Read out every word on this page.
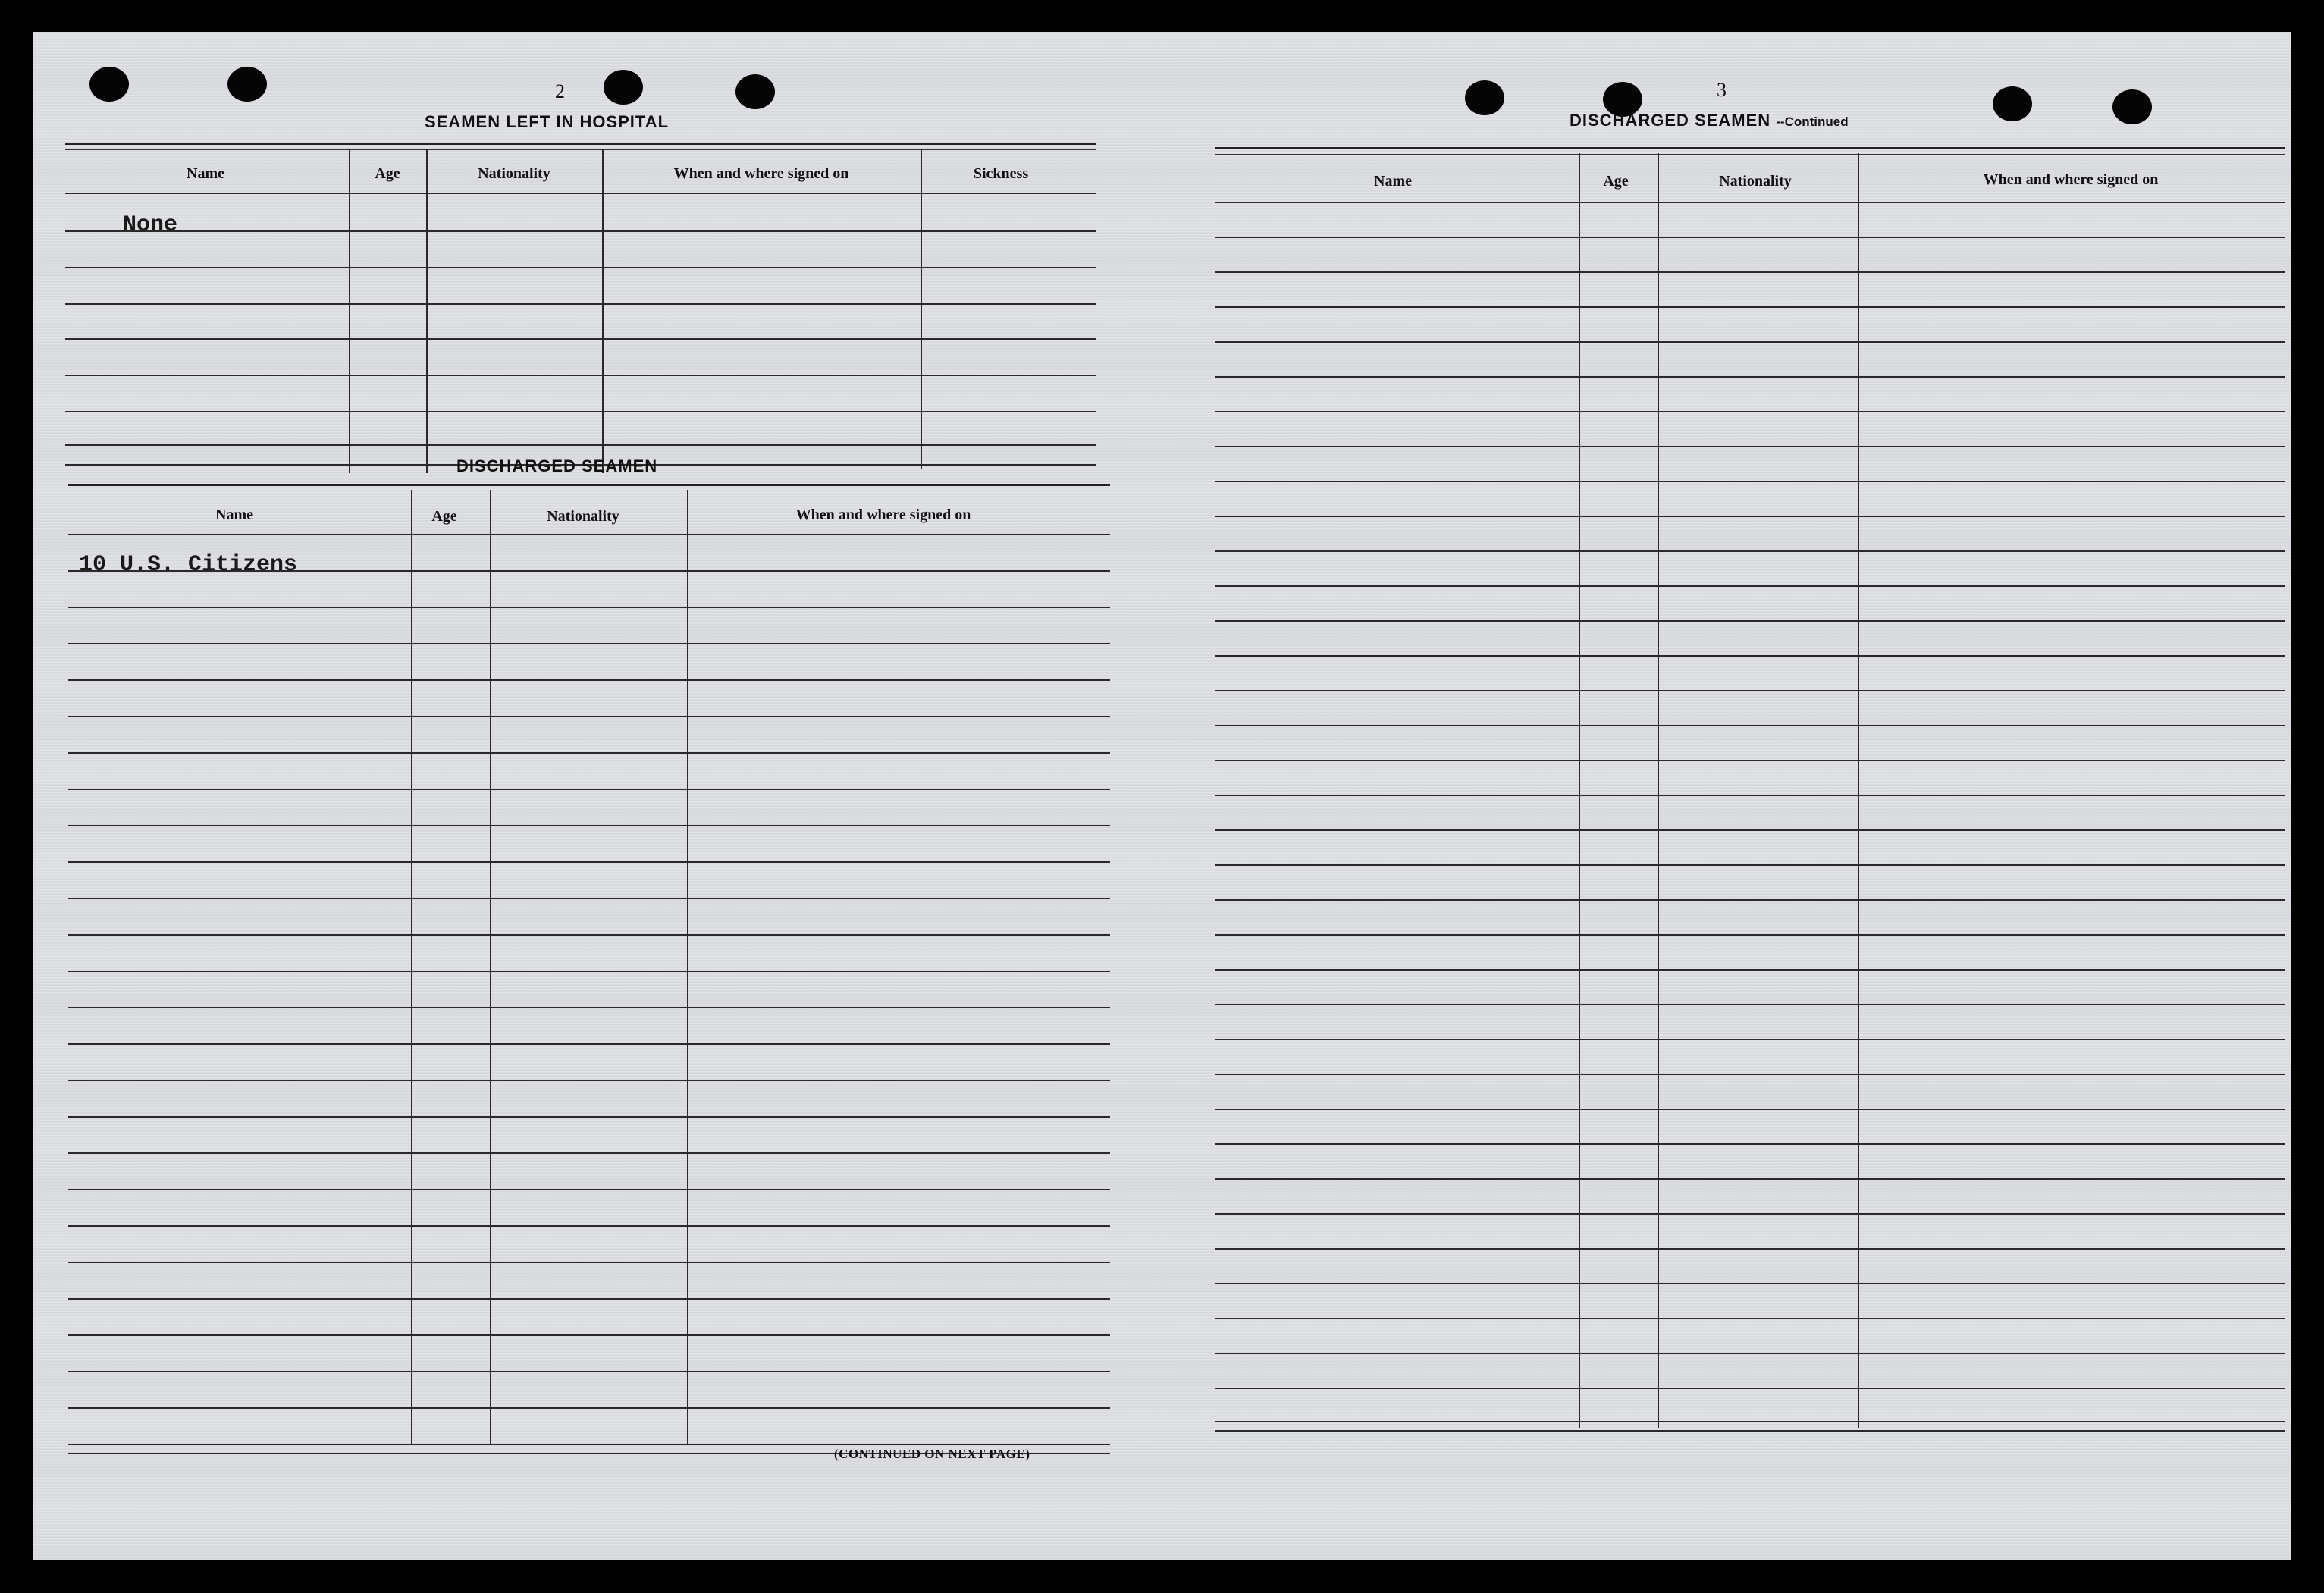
2
SEAMEN LEFT IN HOSPITAL
Name	Age	Nationality	When and where signed on	Sickness
None
DISCHARGED SEAMEN
Name	Age	Nationality	When and where signed on
10 U.S. Citizens
(CONTINUED ON NEXT PAGE)
3
DISCHARGED SEAMEN --Continued
Name	Age	Nationality	When and where signed on
